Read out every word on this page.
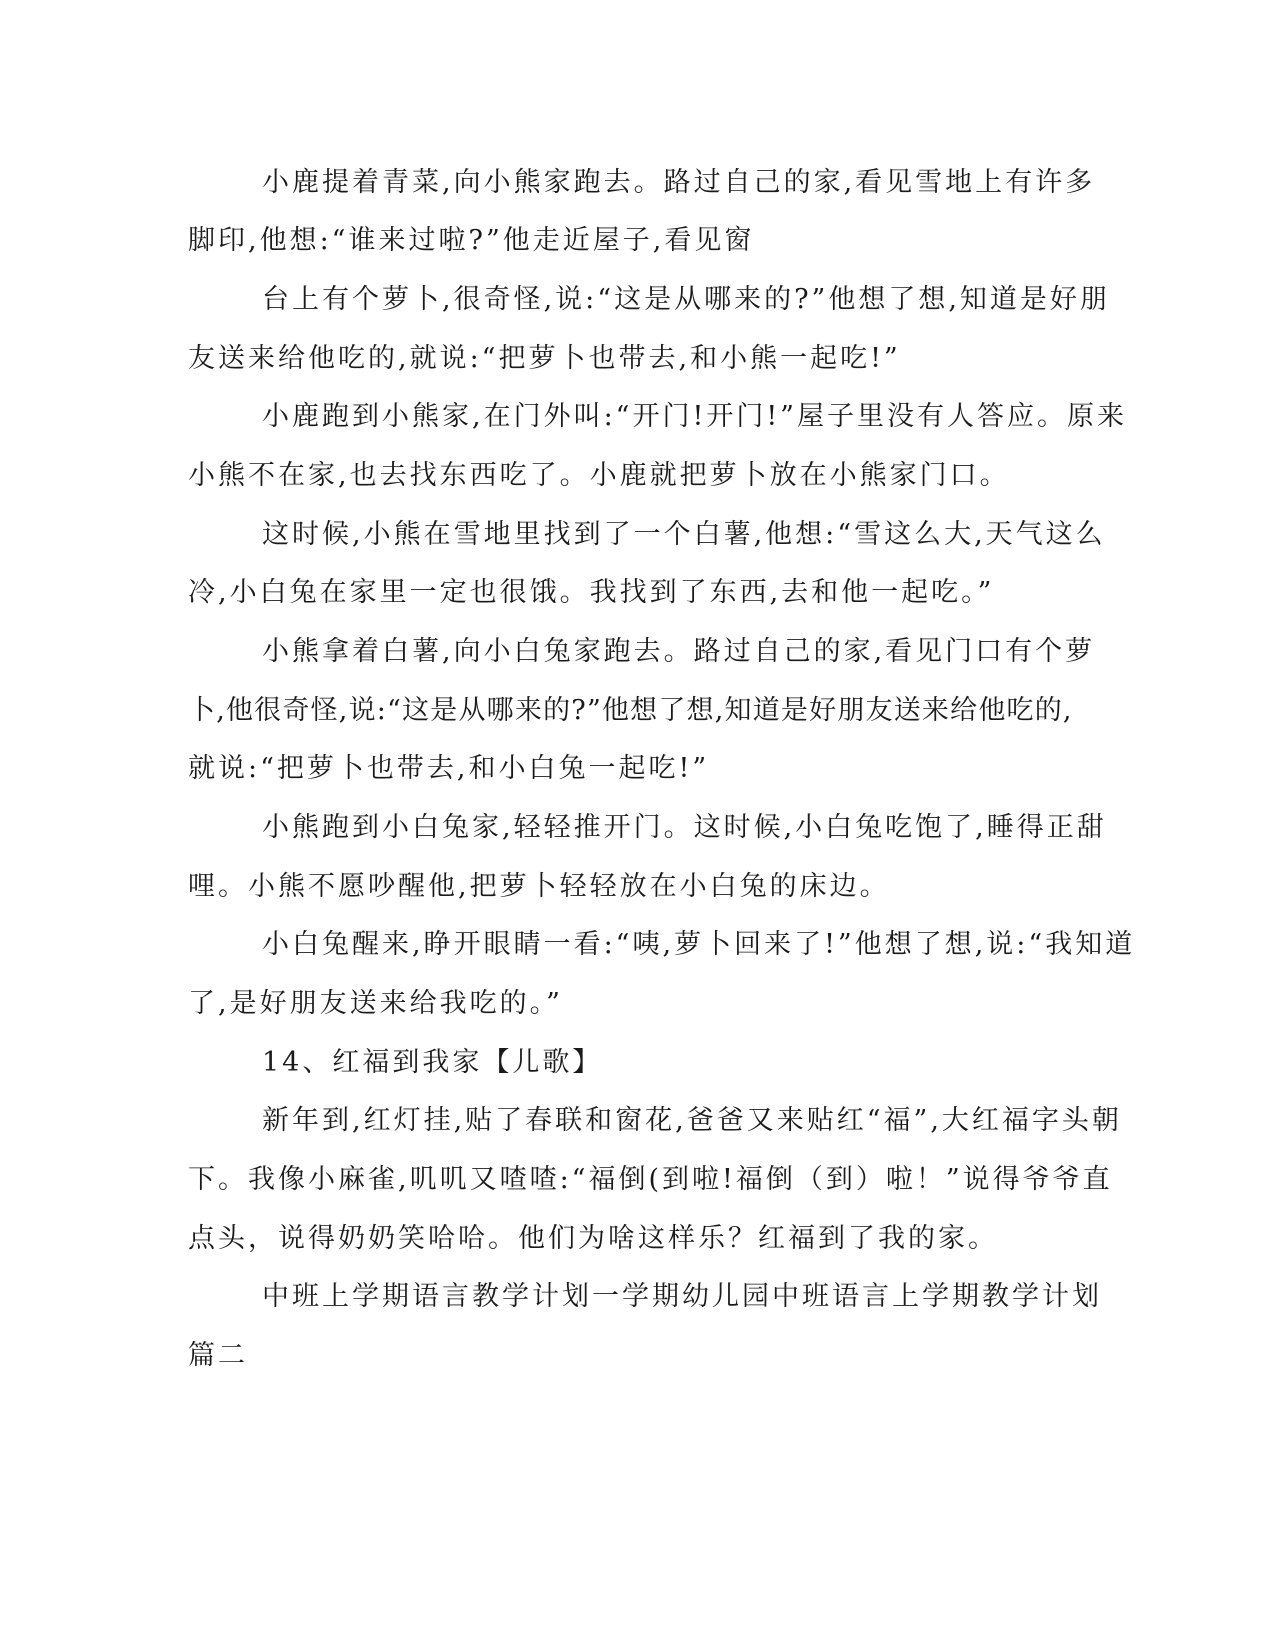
小鹿提着青菜,向小熊家跑去。路过自己的家,看见雪地上有许多
脚印,他想:“谁来过啦?”他走近屋子,看见窗
台上有个萝卜,很奇怪,说:“这是从哪来的?”他想了想,知道是好朋
友送来给他吃的,就说:“把萝卜也带去,和小熊一起吃!”
小鹿跑到小熊家,在门外叫:“开门!开门!”屋子里没有人答应。原来
小熊不在家,也去找东西吃了。小鹿就把萝卜放在小熊家门口。
这时候,小熊在雪地里找到了一个白薯,他想:“雪这么大,天气这么
冷,小白兔在家里一定也很饿。我找到了东西,去和他一起吃。”
小熊拿着白薯,向小白兔家跑去。路过自己的家,看见门口有个萝
卜,他很奇怪,说:“这是从哪来的?”他想了想,知道是好朋友送来给他吃的,
就说:“把萝卜也带去,和小白兔一起吃!”
小熊跑到小白兔家,轻轻推开门。这时候,小白兔吃饱了,睡得正甜
哩。小熊不愿吵醒他,把萝卜轻轻放在小白兔的床边。
小白兔醒来,睁开眼睛一看:“咦,萝卜回来了!”他想了想,说:“我知道
了,是好朋友送来给我吃的。”
14、红福到我家【儿歌】
新年到,红灯挂,贴了春联和窗花,爸爸又来贴红“福”,大红福字头朝
下。我像小麻雀,叽叽又喳喳:“福倒(到啦!福倒（到）啦！”说得爷爷直
点头，说得奶奶笑哈哈。他们为啥这样乐？红福到了我的家。
中班上学期语言教学计划一学期幼儿园中班语言上学期教学计划
篇二
